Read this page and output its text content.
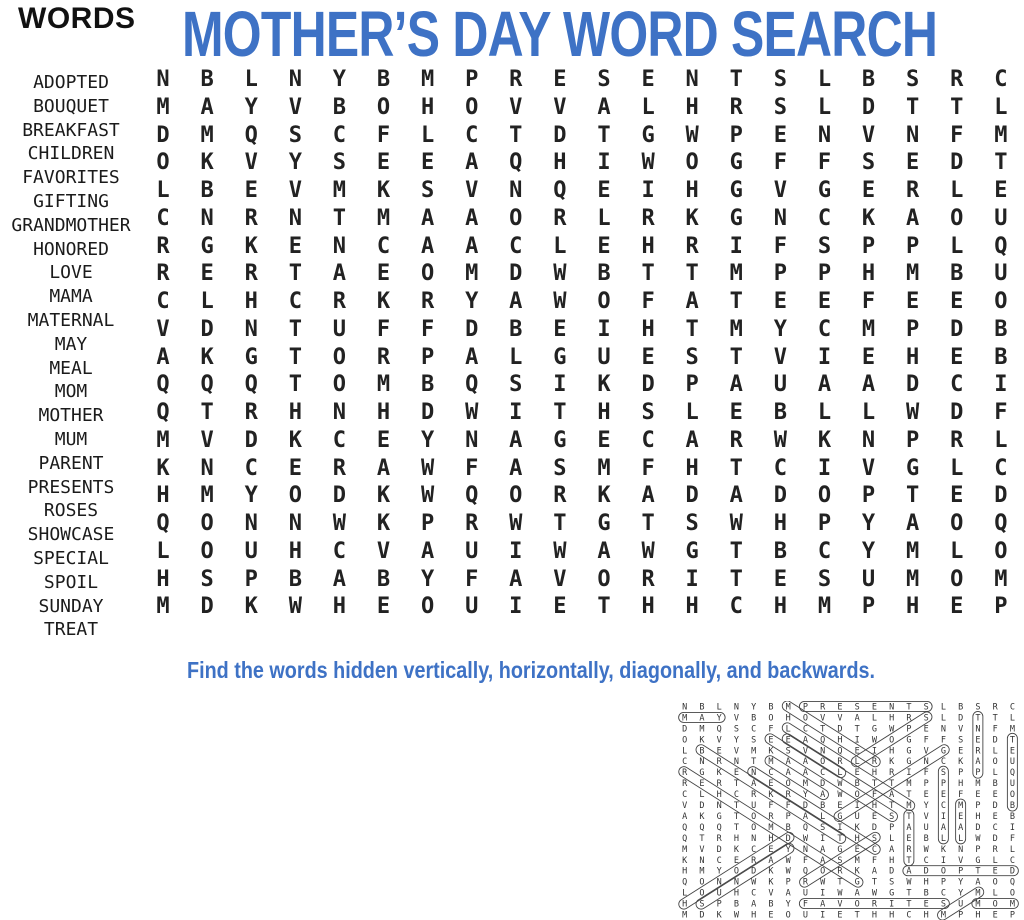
WORDS MOTHER’S DAY WORD SEARCH
ADOPTED
BOUQUET
BREAKFAST
CHILDREN
FAVORITES
GIFTING
GRANDMOTHER
HONORED
LOVE
MAMA
MATERNAL
MAY
MEAL
MOM
MOTHER
MUM
PARENT
PRESENTS
ROSES
SHOWCASE
SPECIAL
SPOIL
SUNDAY
TREAT
N	B	L	N	Y	B	M	P	R	E	S	E	N	T	S	L	B	S	R	C
M	A	Y	V	B	O	H	O	V	V	A	L	H	R	S	L	D	T	T	L
D	M	Q	S	C	F	L	C	T	D	T	G	W	P	E	N	V	N	F	M
O	K	V	Y	S	E	E	A	Q	H	I	W	O	G	F	F	S	E	D	T
L	B	E	V	M	K	S	V	N	Q	E	I	H	G	V	G	E	R	L	E
C	N	R	N	T	M	A	A	O	R	L	R	K	G	N	C	K	A	O	U
R	G	K	E	N	C	A	A	C	L	E	H	R	I	F	S	P	P	L	Q
R	E	R	T	A	E	O	M	D	W	B	T	T	M	P	P	H	M	B	U
C	L	H	C	R	K	R	Y	A	W	O	F	A	T	E	E	F	E	E	O
V	D	N	T	U	F	F	D	B	E	I	H	T	M	Y	C	M	P	D	B
A	K	G	T	O	R	P	A	L	G	U	E	S	T	V	I	E	H	E	B
Q	Q	Q	T	O	M	B	Q	S	I	K	D	P	A	U	A	A	D	C	I
Q	T	R	H	N	H	D	W	I	T	H	S	L	E	B	L	L	W	D	F
M	V	D	K	C	E	Y	N	A	G	E	C	A	R	W	K	N	P	R	L
K	N	C	E	R	A	W	F	A	S	M	F	H	T	C	I	V	G	L	C
H	M	Y	O	D	K	W	Q	O	R	K	A	D	A	D	O	P	T	E	D
Q	O	N	N	W	K	P	R	W	T	G	T	S	W	H	P	Y	A	O	Q
L	O	U	H	C	V	A	U	I	W	A	W	G	T	B	C	Y	M	L	O
H	S	P	B	A	B	Y	F	A	V	O	R	I	T	E	S	U	M	O	M
M	D	K	W	H	E	O	U	I	E	T	H	H	C	H	M	P	H	E	P
Find the words hidden vertically, horizontally, diagonally, and backwards.
N B L N Y B M P R E S E N T S L B S R C
M A Y V B O H O V V A L H R S L D T T L
D M Q S C F L C T D T G W P E N V N F M
O K V Y S E E A Q H I W O G F F S E D T
L B E V M K S V N Q E I H G V G E R L E
C N R N T M A A O R L R K G N C K A O U
R G K E N C A A C L E H R I F S P P L Q
R E R T A E O M D W B T T M P P H M B U
C L H C R K R Y A W O F A T E E F E E O
V D N T U F F D B E I H T M Y C M P D B
A K G T O R P A L G U E S T V I E H E B
Q Q Q T O M B Q S I K D P A U A A D C I
Q T R H N H D W I T H S L E B L L W D F
M V D K C E Y N A G E C A R W K N P R L
K N C E R A W F A S M F H T C I V G L C
H M Y O D K W Q O R K A D A D O P T E D
Q O N N W K P R W T G T S W H P Y A O Q
L O U H C V A U I W A W G T B C Y M L O
H S P B A B Y F A V O R I T E S U M O M
M D K W H E O U I E T H H C H M P H E P
